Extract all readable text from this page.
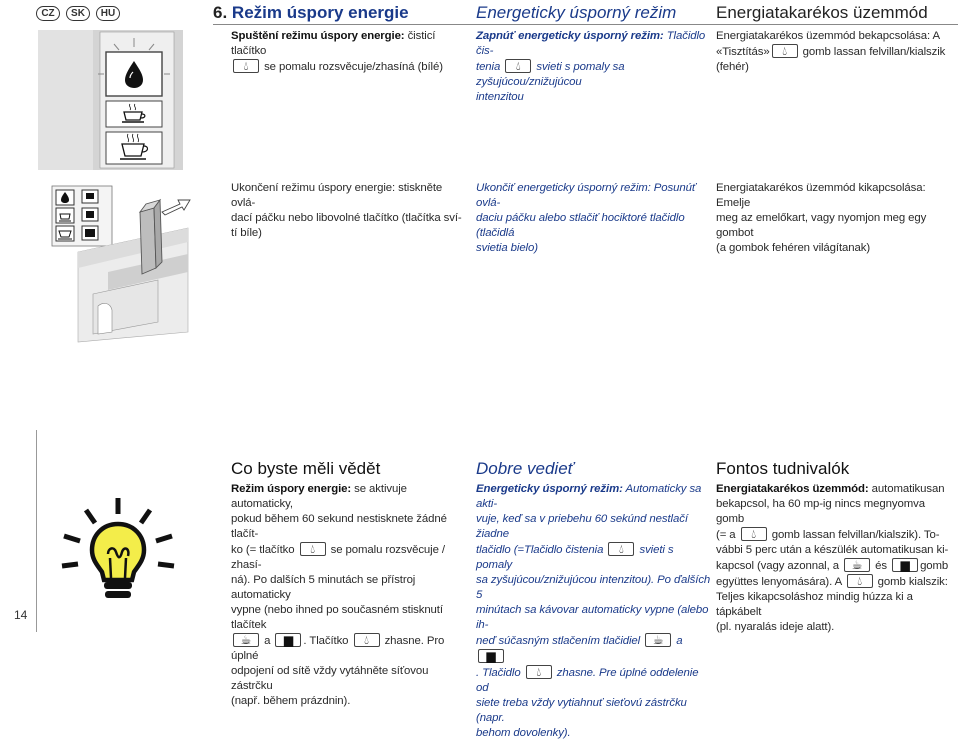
CZ	SK	HU	6. Režim úspory energie	Energeticky úsporný režim Energiatakarékos üzemmód
Spuštění režimu úspory energie: čisticí tlačítko
💧︎	se pomalu rozsvěcuje/zhasíná (bílé)
Zapnúť energeticky úsporný režim: Tlačidlo čis-
tenia	💧︎	svieti s pomaly sa zyšujúcou/znižujúcou
intenzitou
Energiatakarékos üzemmód bekapcsolása: A
«Tisztítás»	💧︎	gomb lassan felvillan/kialszik
(fehér)
Ukončení režimu úspory energie: stiskněte ovlá-
dací páčku nebo libovolné tlačítko (tlačítka sví-
tí bíle)
Ukončiť energeticky úsporný režim: Posunúť ovlá-
daciu páčku alebo stlačiť hociktoré tlačidlo (tlačidlá
svietia bielo)
Energiatakarékos üzemmód kikapcsolása: Emelje
meg az emelőkart, vagy nyomjon meg egy gombot
(a gombok fehéren világítanak)
Co byste měli vědět	Dobre vedieť	Fontos tudnivalók
Režim úspory energie: se aktivuje automaticky,
pokud během 60 sekund nestisknete žádné tlačít-
ko (= tlačítko	💧︎	se pomalu rozsvěcuje / zhasí-
ná). Po dalších 5 minutách se přístroj automaticky
vypne (nebo ihned po současném stisknutí tlačítek
☕︎	a	▆ . Tlačítko	💧︎	zhasne. Pro úplné
odpojení od sítě vždy vytáhněte síťovou zástrčku
(např. během prázdnin).
Energeticky úsporný režim: Automaticky sa akti-
vuje, keď sa v priebehu 60 sekúnd nestlačí žiadne
tlačidlo (=Tlačidlo čistenia	💧︎	svieti s pomaly
sa zyšujúcou/znižujúcou intenzitou). Po ďalších 5
minútach sa kávovar automaticky vypne (alebo ih-
neď súčasným stlačením tlačidiel	☕︎	a
▆
. Tlačidlo	💧︎	zhasne. Pre úplné oddelenie od
siete treba vždy vytiahnuť sieťovú zástrčku (napr.
behom dovolenky).
Energiatakarékos üzemmód: automatikusan
bekapcsol, ha 60 mp-ig nincs megnyomva gomb
(= a	💧︎	gomb lassan felvillan/kialszik). To-
vábbi 5 perc után a készülék automatikusan ki-
kapcsol (vagy azonnal, a	☕︎	és	▆ gomb
együttes lenyomására). A	💧︎	gomb kialszik:
Teljes kikapcsoláshoz mindig húzza ki a tápkábelt
(pl. nyaralás ideje alatt).
14
